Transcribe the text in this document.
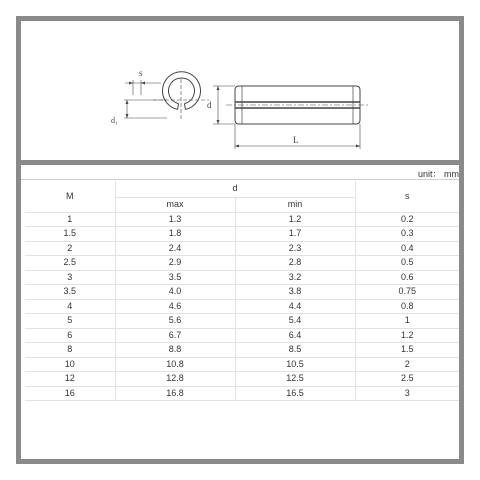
s
d
d₁
L
unit： mm
M	d		s
	max	min	
1	1.3	1.2	0.2
1.5	1.8	1.7	0.3
2	2.4	2.3	0.4
2.5	2.9	2.8	0.5
3	3.5	3.2	0.6
3.5	4.0	3.8	0.75
4	4.6	4.4	0.8
5	5.6	5.4	1
6	6.7	6.4	1.2
8	8.8	8.5	1.5
10	10.8	10.5	2
12	12.8	12.5	2.5
16	16.8	16.5	3
